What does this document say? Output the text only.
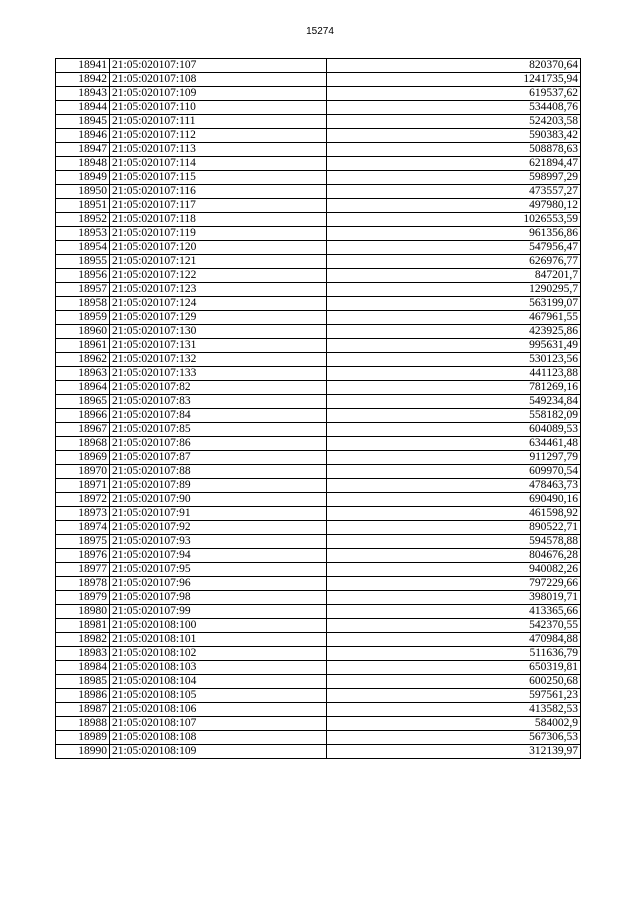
15274
18941	21:05:020107:107	820370,64
18942	21:05:020107:108	1241735,94
18943	21:05:020107:109	619537,62
18944	21:05:020107:110	534408,76
18945	21:05:020107:111	524203,58
18946	21:05:020107:112	590383,42
18947	21:05:020107:113	508878,63
18948	21:05:020107:114	621894,47
18949	21:05:020107:115	598997,29
18950	21:05:020107:116	473557,27
18951	21:05:020107:117	497980,12
18952	21:05:020107:118	1026553,59
18953	21:05:020107:119	961356,86
18954	21:05:020107:120	547956,47
18955	21:05:020107:121	626976,77
18956	21:05:020107:122	847201,7
18957	21:05:020107:123	1290295,7
18958	21:05:020107:124	563199,07
18959	21:05:020107:129	467961,55
18960	21:05:020107:130	423925,86
18961	21:05:020107:131	995631,49
18962	21:05:020107:132	530123,56
18963	21:05:020107:133	441123,88
18964	21:05:020107:82	781269,16
18965	21:05:020107:83	549234,84
18966	21:05:020107:84	558182,09
18967	21:05:020107:85	604089,53
18968	21:05:020107:86	634461,48
18969	21:05:020107:87	911297,79
18970	21:05:020107:88	609970,54
18971	21:05:020107:89	478463,73
18972	21:05:020107:90	690490,16
18973	21:05:020107:91	461598,92
18974	21:05:020107:92	890522,71
18975	21:05:020107:93	594578,88
18976	21:05:020107:94	804676,28
18977	21:05:020107:95	940082,26
18978	21:05:020107:96	797229,66
18979	21:05:020107:98	398019,71
18980	21:05:020107:99	413365,66
18981	21:05:020108:100	542370,55
18982	21:05:020108:101	470984,88
18983	21:05:020108:102	511636,79
18984	21:05:020108:103	650319,81
18985	21:05:020108:104	600250,68
18986	21:05:020108:105	597561,23
18987	21:05:020108:106	413582,53
18988	21:05:020108:107	584002,9
18989	21:05:020108:108	567306,53
18990	21:05:020108:109	312139,97
